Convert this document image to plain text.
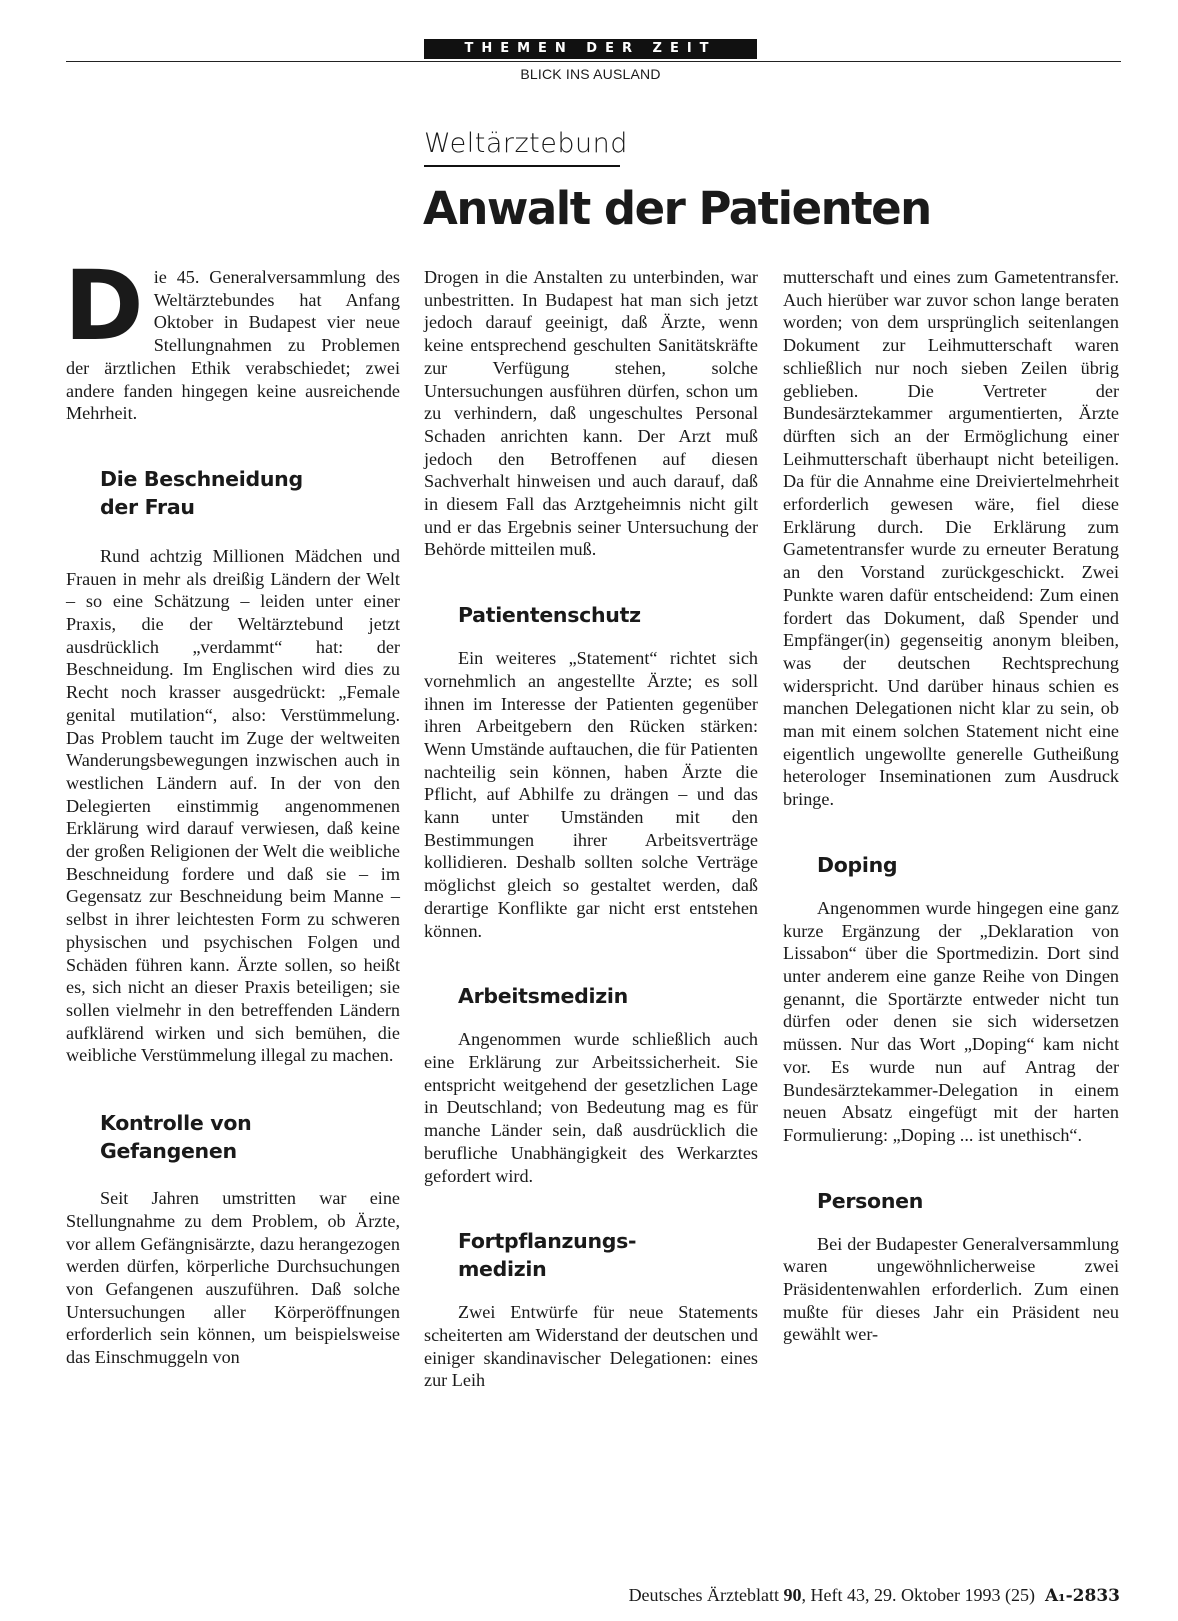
THEMEN DER ZEIT
BLICK INS AUSLAND
Weltärztebund
Anwalt der Patienten

Die 45. Generalversammlung des Weltärztebundes hat Anfang Oktober in Budapest vier neue Stellungnahmen zu Problemen der ärztlichen Ethik verabschiedet; zwei andere fanden hingegen keine ausreichende Mehrheit.

Die Beschneidung der Frau

Rund achtzig Millionen Mädchen und Frauen in mehr als dreißig Ländern der Welt – so eine Schätzung – leiden unter einer Praxis, die der Weltärztebund jetzt ausdrücklich „verdammt“ hat: der Beschneidung. Im Englischen wird dies zu Recht noch krasser ausgedrückt: „Female genital mutilation“, also: Verstümmelung. Das Problem taucht im Zuge der weltweiten Wanderungsbewegungen inzwischen auch in westlichen Ländern auf. In der von den Delegierten einstimmig angenommenen Erklärung wird darauf verwiesen, daß keine der großen Religionen der Welt die weibliche Beschneidung fordere und daß sie – im Gegensatz zur Beschneidung beim Manne – selbst in ihrer leichtesten Form zu schweren physischen und psychischen Folgen und Schäden führen kann. Ärzte sollen, so heißt es, sich nicht an dieser Praxis beteiligen; sie sollen vielmehr in den betreffenden Ländern aufklärend wirken und sich bemühen, die weibliche Verstümmelung illegal zu machen.

Kontrolle von Gefangenen

Seit Jahren umstritten war eine Stellungnahme zu dem Problem, ob Ärzte, vor allem Gefängnisärzte, dazu herangezogen werden dürfen, körperliche Durchsuchungen von Gefangenen auszuführen. Daß solche Untersuchungen aller Körperöffnungen erforderlich sein können, um beispielsweise das Einschmuggeln von

Drogen in die Anstalten zu unterbinden, war unbestritten. In Budapest hat man sich jetzt jedoch darauf geeinigt, daß Ärzte, wenn keine entsprechend geschulten Sanitätskräfte zur Verfügung stehen, solche Untersuchungen ausführen dürfen, schon um zu verhindern, daß ungeschultes Personal Schaden anrichten kann. Der Arzt muß jedoch den Betroffenen auf diesen Sachverhalt hinweisen und auch darauf, daß in diesem Fall das Arztgeheimnis nicht gilt und er das Ergebnis seiner Untersuchung der Behörde mitteilen muß.

Patientenschutz

Ein weiteres „Statement“ richtet sich vornehmlich an angestellte Ärzte; es soll ihnen im Interesse der Patienten gegenüber ihren Arbeitgebern den Rücken stärken: Wenn Umstände auftauchen, die für Patienten nachteilig sein können, haben Ärzte die Pflicht, auf Abhilfe zu drängen – und das kann unter Umständen mit den Bestimmungen ihrer Arbeitsverträge kollidieren. Deshalb sollten solche Verträge möglichst gleich so gestaltet werden, daß derartige Konflikte gar nicht erst entstehen können.

Arbeitsmedizin

Angenommen wurde schließlich auch eine Erklärung zur Arbeitssicherheit. Sie entspricht weitgehend der gesetzlichen Lage in Deutschland; von Bedeutung mag es für manche Länder sein, daß ausdrücklich die berufliche Unabhängigkeit des Werkarztes gefordert wird.

Fortpflanzungs-medizin

Zwei Entwürfe für neue Statements scheiterten am Widerstand der deutschen und einiger skandinavischer Delegationen: eines zur Leih

mutterschaft und eines zum Gametentransfer. Auch hierüber war zuvor schon lange beraten worden; von dem ursprünglich seitenlangen Dokument zur Leihmutterschaft waren schließlich nur noch sieben Zeilen übrig geblieben. Die Vertreter der Bundesärztekammer argumentierten, Ärzte dürften sich an der Ermöglichung einer Leihmutterschaft überhaupt nicht beteiligen. Da für die Annahme eine Dreiviertelmehrheit erforderlich gewesen wäre, fiel diese Erklärung durch. Die Erklärung zum Gametentransfer wurde zu erneuter Beratung an den Vorstand zurückgeschickt. Zwei Punkte waren dafür entscheidend: Zum einen fordert das Dokument, daß Spender und Empfänger(in) gegenseitig anonym bleiben, was der deutschen Rechtsprechung widerspricht. Und darüber hinaus schien es manchen Delegationen nicht klar zu sein, ob man mit einem solchen Statement nicht eine eigentlich ungewollte generelle Gutheißung heterologer Inseminationen zum Ausdruck bringe.

Doping

Angenommen wurde hingegen eine ganz kurze Ergänzung der „Deklaration von Lissabon“ über die Sportmedizin. Dort sind unter anderem eine ganze Reihe von Dingen genannt, die Sportärzte entweder nicht tun dürfen oder denen sie sich widersetzen müssen. Nur das Wort „Doping“ kam nicht vor. Es wurde nun auf Antrag der Bundesärztekammer-Delegation in einem neuen Absatz eingefügt mit der harten Formulierung: „Doping ... ist unethisch“.

Personen

Bei der Budapester Generalversammlung waren ungewöhnlicherweise zwei Präsidentenwahlen erforderlich. Zum einen mußte für dieses Jahr ein Präsident neu gewählt wer-

Deutsches Ärzteblatt 90, Heft 43, 29. Oktober 1993 (25) A₁-2833
